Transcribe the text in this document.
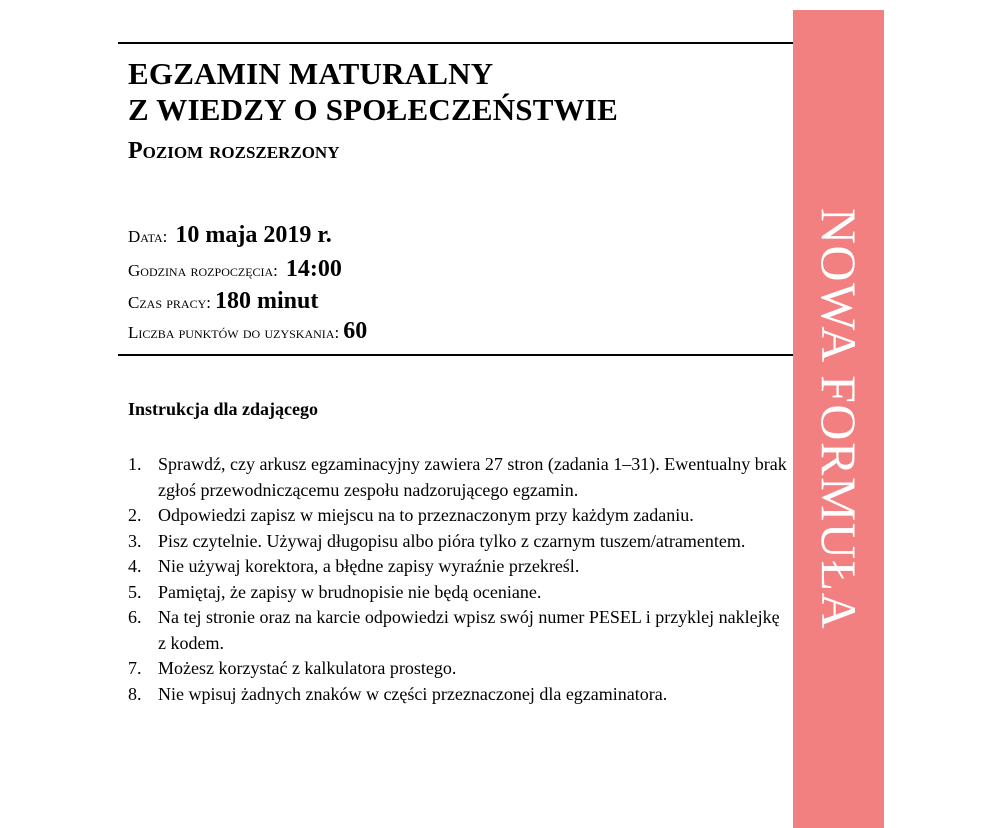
EGZAMIN MATURALNY
Z WIEDZY O SPOŁECZEŃSTWIE

Poziom rozszerzony

Data: 10 maja 2019 r.

Godzina rozpoczęcia: 14:00

Czas pracy: 180 minut

Liczba punktów do uzyskania: 60

Instrukcja dla zdającego

1. Sprawdź, czy arkusz egzaminacyjny zawiera 27 stron (zadania 1–31). Ewentualny brak zgłoś przewodniczącemu zespołu nadzorującego egzamin.
2. Odpowiedzi zapisz w miejscu na to przeznaczonym przy każdym zadaniu.
3. Pisz czytelnie. Używaj długopisu albo pióra tylko z czarnym tuszem/atramentem.
4. Nie używaj korektora, a błędne zapisy wyraźnie przekreśl.
5. Pamiętaj, że zapisy w brudnopisie nie będą oceniane.
6. Na tej stronie oraz na karcie odpowiedzi wpisz swój numer PESEL i przyklej naklejkę z kodem.
7. Możesz korzystać z kalkulatora prostego.
8. Nie wpisuj żadnych znaków w części przeznaczonej dla egzaminatora.
NOWA FORMUŁA
